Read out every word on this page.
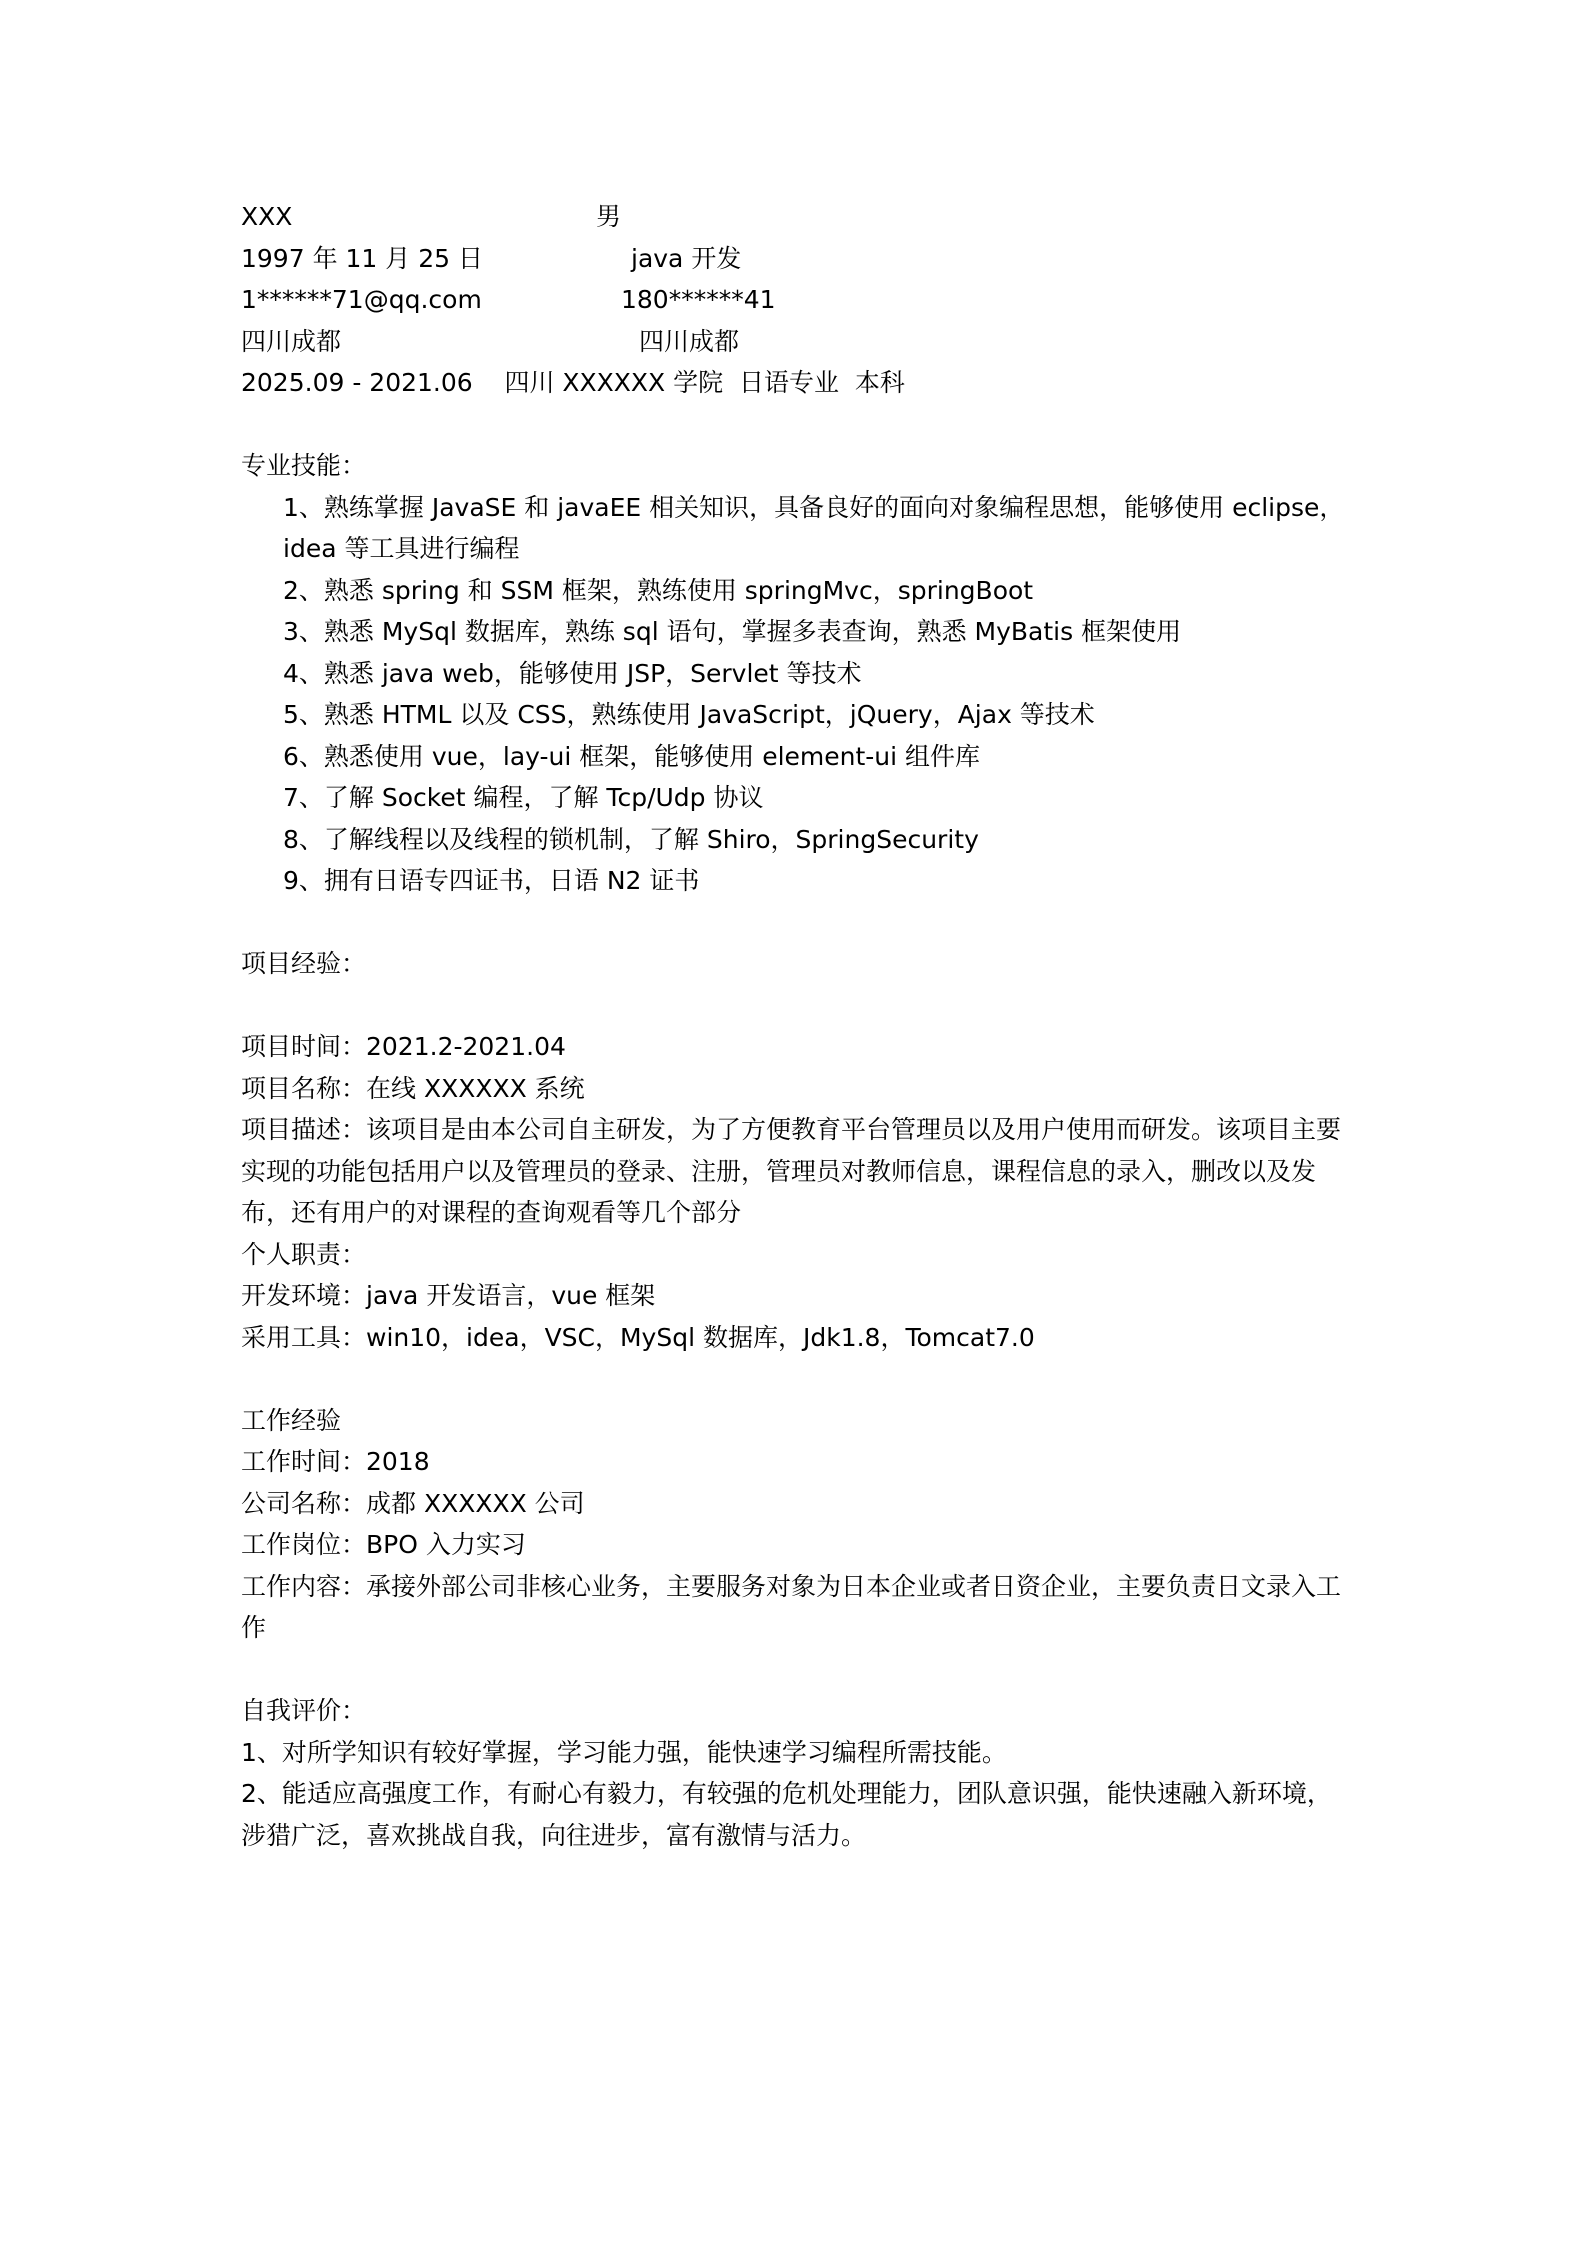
XXX	男
1997 年 11 月 25 日	java 开发
1******71@qq.com	180******41
四川成都	四川成都
2025.09 - 2021.06    四川 XXXXXX 学院  日语专业  本科
专业技能：
1、熟练掌握 JavaSE 和 javaEE 相关知识，具备良好的面向对象编程思想，能够使用 eclipse，idea 等工具进行编程
2、熟悉 spring 和 SSM 框架，熟练使用 springMvc，springBoot
3、熟悉 MySql 数据库，熟练 sql 语句，掌握多表查询，熟悉 MyBatis 框架使用
4、熟悉 java web，能够使用 JSP，Servlet 等技术
5、熟悉 HTML 以及 CSS，熟练使用 JavaScript，jQuery，Ajax 等技术
6、熟悉使用 vue，lay-ui 框架，能够使用 element-ui 组件库
7、了解 Socket 编程，了解 Tcp/Udp 协议
8、了解线程以及线程的锁机制，了解 Shiro，SpringSecurity
9、拥有日语专四证书，日语 N2 证书
项目经验：
项目时间：2021.2-2021.04
项目名称：在线 XXXXXX 系统
项目描述：该项目是由本公司自主研发，为了方便教育平台管理员以及用户使用而研发。该项目主要实现的功能包括用户以及管理员的登录、注册，管理员对教师信息，课程信息的录入，删改以及发布，还有用户的对课程的查询观看等几个部分
个人职责：
开发环境：java 开发语言，vue 框架
采用工具：win10，idea，VSC，MySql 数据库，Jdk1.8，Tomcat7.0
工作经验
工作时间：2018
公司名称：成都 XXXXXX 公司
工作岗位：BPO 入力实习
工作内容：承接外部公司非核心业务，主要服务对象为日本企业或者日资企业，主要负责日文录入工作
自我评价：
1、对所学知识有较好掌握，学习能力强，能快速学习编程所需技能。
2、能适应高强度工作，有耐心有毅力，有较强的危机处理能力，团队意识强，能快速融入新环境，涉猎广泛，喜欢挑战自我，向往进步，富有激情与活力。
